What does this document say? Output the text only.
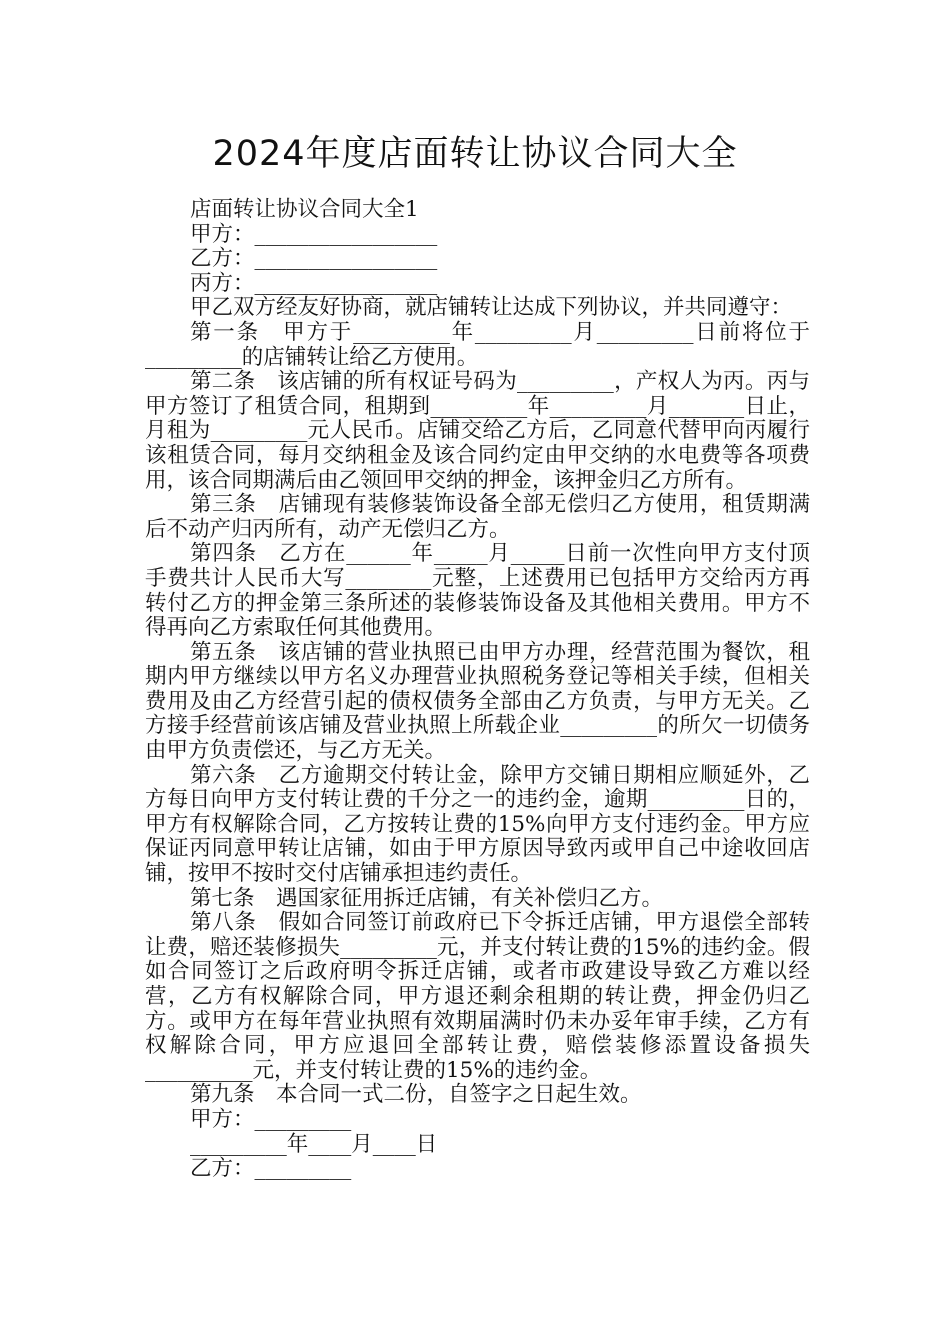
2024年度店面转让协议合同大全

店面转让协议合同大全1

甲方：_________________

乙方：_________________

丙方：_________________

甲乙双方经友好协商，就店铺转让达成下列协议，并共同遵守：

第一条　甲方于_________年_________月_________日前将位于_________的店铺转让给乙方使用。

第二条　该店铺的所有权证号码为_________，产权人为丙。丙与甲方签订了租赁合同，租期到_________年_________月_______日止，月租为_________元人民币。店铺交给乙方后，乙同意代替甲向丙履行该租赁合同，每月交纳租金及该合同约定由甲交纳的水电费等各项费用，该合同期满后由乙领回甲交纳的押金，该押金归乙方所有。

第三条　店铺现有装修装饰设备全部无偿归乙方使用，租赁期满后不动产归丙所有，动产无偿归乙方。

第四条　乙方在______年_____月_____日前一次性向甲方支付顶手费共计人民币大写________元整，上述费用已包括甲方交给丙方再转付乙方的押金第三条所述的装修装饰设备及其他相关费用。甲方不得再向乙方索取任何其他费用。

第五条　该店铺的营业执照已由甲方办理，经营范围为餐饮，租期内甲方继续以甲方名义办理营业执照税务登记等相关手续，但相关费用及由乙方经营引起的债权债务全部由乙方负责，与甲方无关。乙方接手经营前该店铺及营业执照上所载企业_________的所欠一切债务由甲方负责偿还，与乙方无关。

第六条　乙方逾期交付转让金，除甲方交铺日期相应顺延外，乙方每日向甲方支付转让费的千分之一的违约金，逾期_________日的，甲方有权解除合同，乙方按转让费的15%向甲方支付违约金。甲方应保证丙同意甲转让店铺，如由于甲方原因导致丙或甲自己中途收回店铺，按甲不按时交付店铺承担违约责任。

第七条　遇国家征用拆迁店铺，有关补偿归乙方。

第八条　假如合同签订前政府已下令拆迁店铺，甲方退偿全部转让费，赔还装修损失_________元，并支付转让费的15%的违约金。假如合同签订之后政府明令拆迁店铺，或者市政建设导致乙方难以经营，乙方有权解除合同，甲方退还剩余租期的转让费，押金仍归乙方。或甲方在每年营业执照有效期届满时仍未办妥年审手续，乙方有权解除合同，甲方应退回全部转让费，赔偿装修添置设备损失__________元，并支付转让费的15%的违约金。

第九条　本合同一式二份，自签字之日起生效。

甲方：_________

_________年____月____日

乙方：_________
